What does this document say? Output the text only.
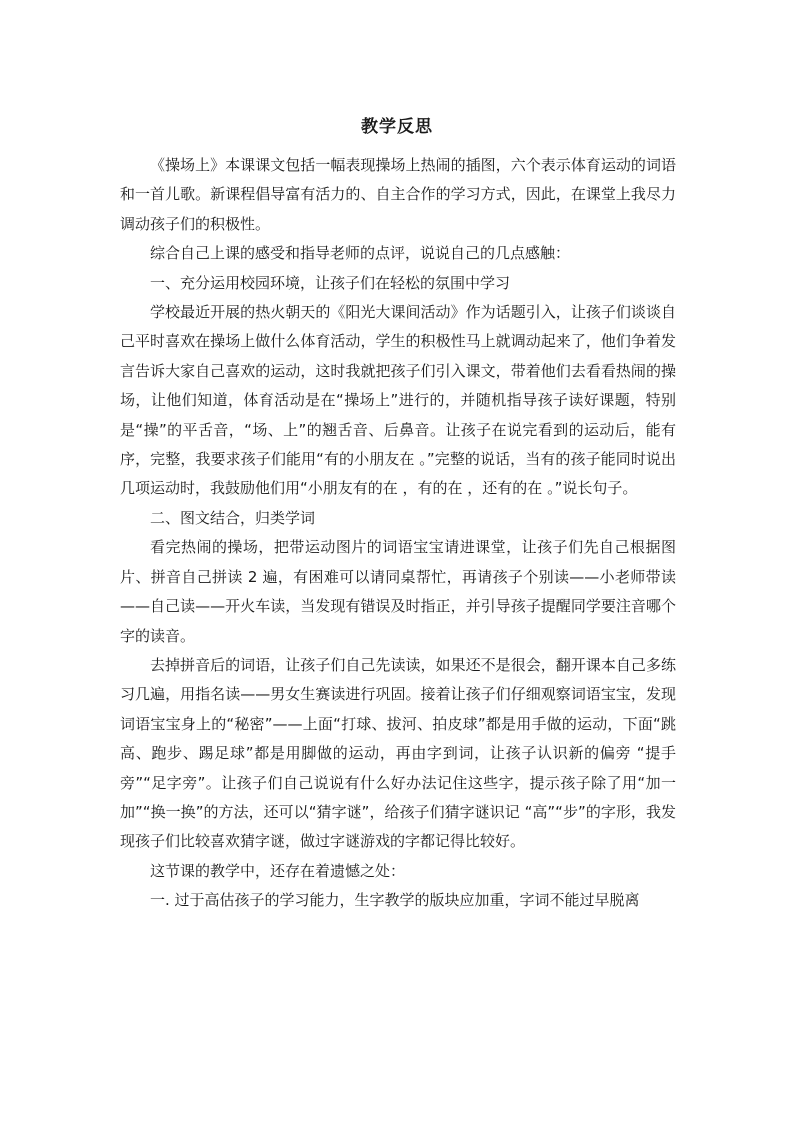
教学反思

《操场上》本课课文包括一幅表现操场上热闹的插图，六个表示体育运动的词语和一首儿歌。新课程倡导富有活力的、自主合作的学习方式，因此，在课堂上我尽力调动孩子们的积极性。

综合自己上课的感受和指导老师的点评，说说自己的几点感触：

一、充分运用校园环境，让孩子们在轻松的氛围中学习

学校最近开展的热火朝天的《阳光大课间活动》作为话题引入，让孩子们谈谈自己平时喜欢在操场上做什么体育活动，学生的积极性马上就调动起来了，他们争着发言告诉大家自己喜欢的运动，这时我就把孩子们引入课文，带着他们去看看热闹的操场，让他们知道，体育活动是在“操场上”进行的，并随机指导孩子读好课题，特别是“操”的平舌音，“场、上”的翘舌音、后鼻音。让孩子在说完看到的运动后，能有序，完整，我要求孩子们能用“有的小朋友在 。”完整的说话，当有的孩子能同时说出几项运动时，我鼓励他们用“小朋友有的在 ，有的在 ，还有的在 。”说长句子。

二、图文结合，归类学词

看完热闹的操场，把带运动图片的词语宝宝请进课堂，让孩子们先自己根据图片、拼音自己拼读 2 遍，有困难可以请同桌帮忙，再请孩子个别读——小老师带读——自己读——开火车读，当发现有错误及时指正，并引导孩子提醒同学要注音哪个字的读音。

去掉拼音后的词语，让孩子们自己先读读，如果还不是很会，翻开课本自己多练习几遍，用指名读——男女生赛读进行巩固。接着让孩子们仔细观察词语宝宝，发现词语宝宝身上的“秘密”——上面“打球、拔河、拍皮球”都是用手做的运动，下面“跳高、跑步、踢足球”都是用脚做的运动，再由字到词，让孩子认识新的偏旁 “提手旁”“足字旁”。让孩子们自己说说有什么好办法记住这些字，提示孩子除了用“加一加”“换一换”的方法，还可以“猜字谜”，给孩子们猜字谜识记 “高”“步”的字形，我发现孩子们比较喜欢猜字谜，做过字谜游戏的字都记得比较好。

这节课的教学中，还存在着遗憾之处：

一. 过于高估孩子的学习能力，生字教学的版块应加重，字词不能过早脱离
